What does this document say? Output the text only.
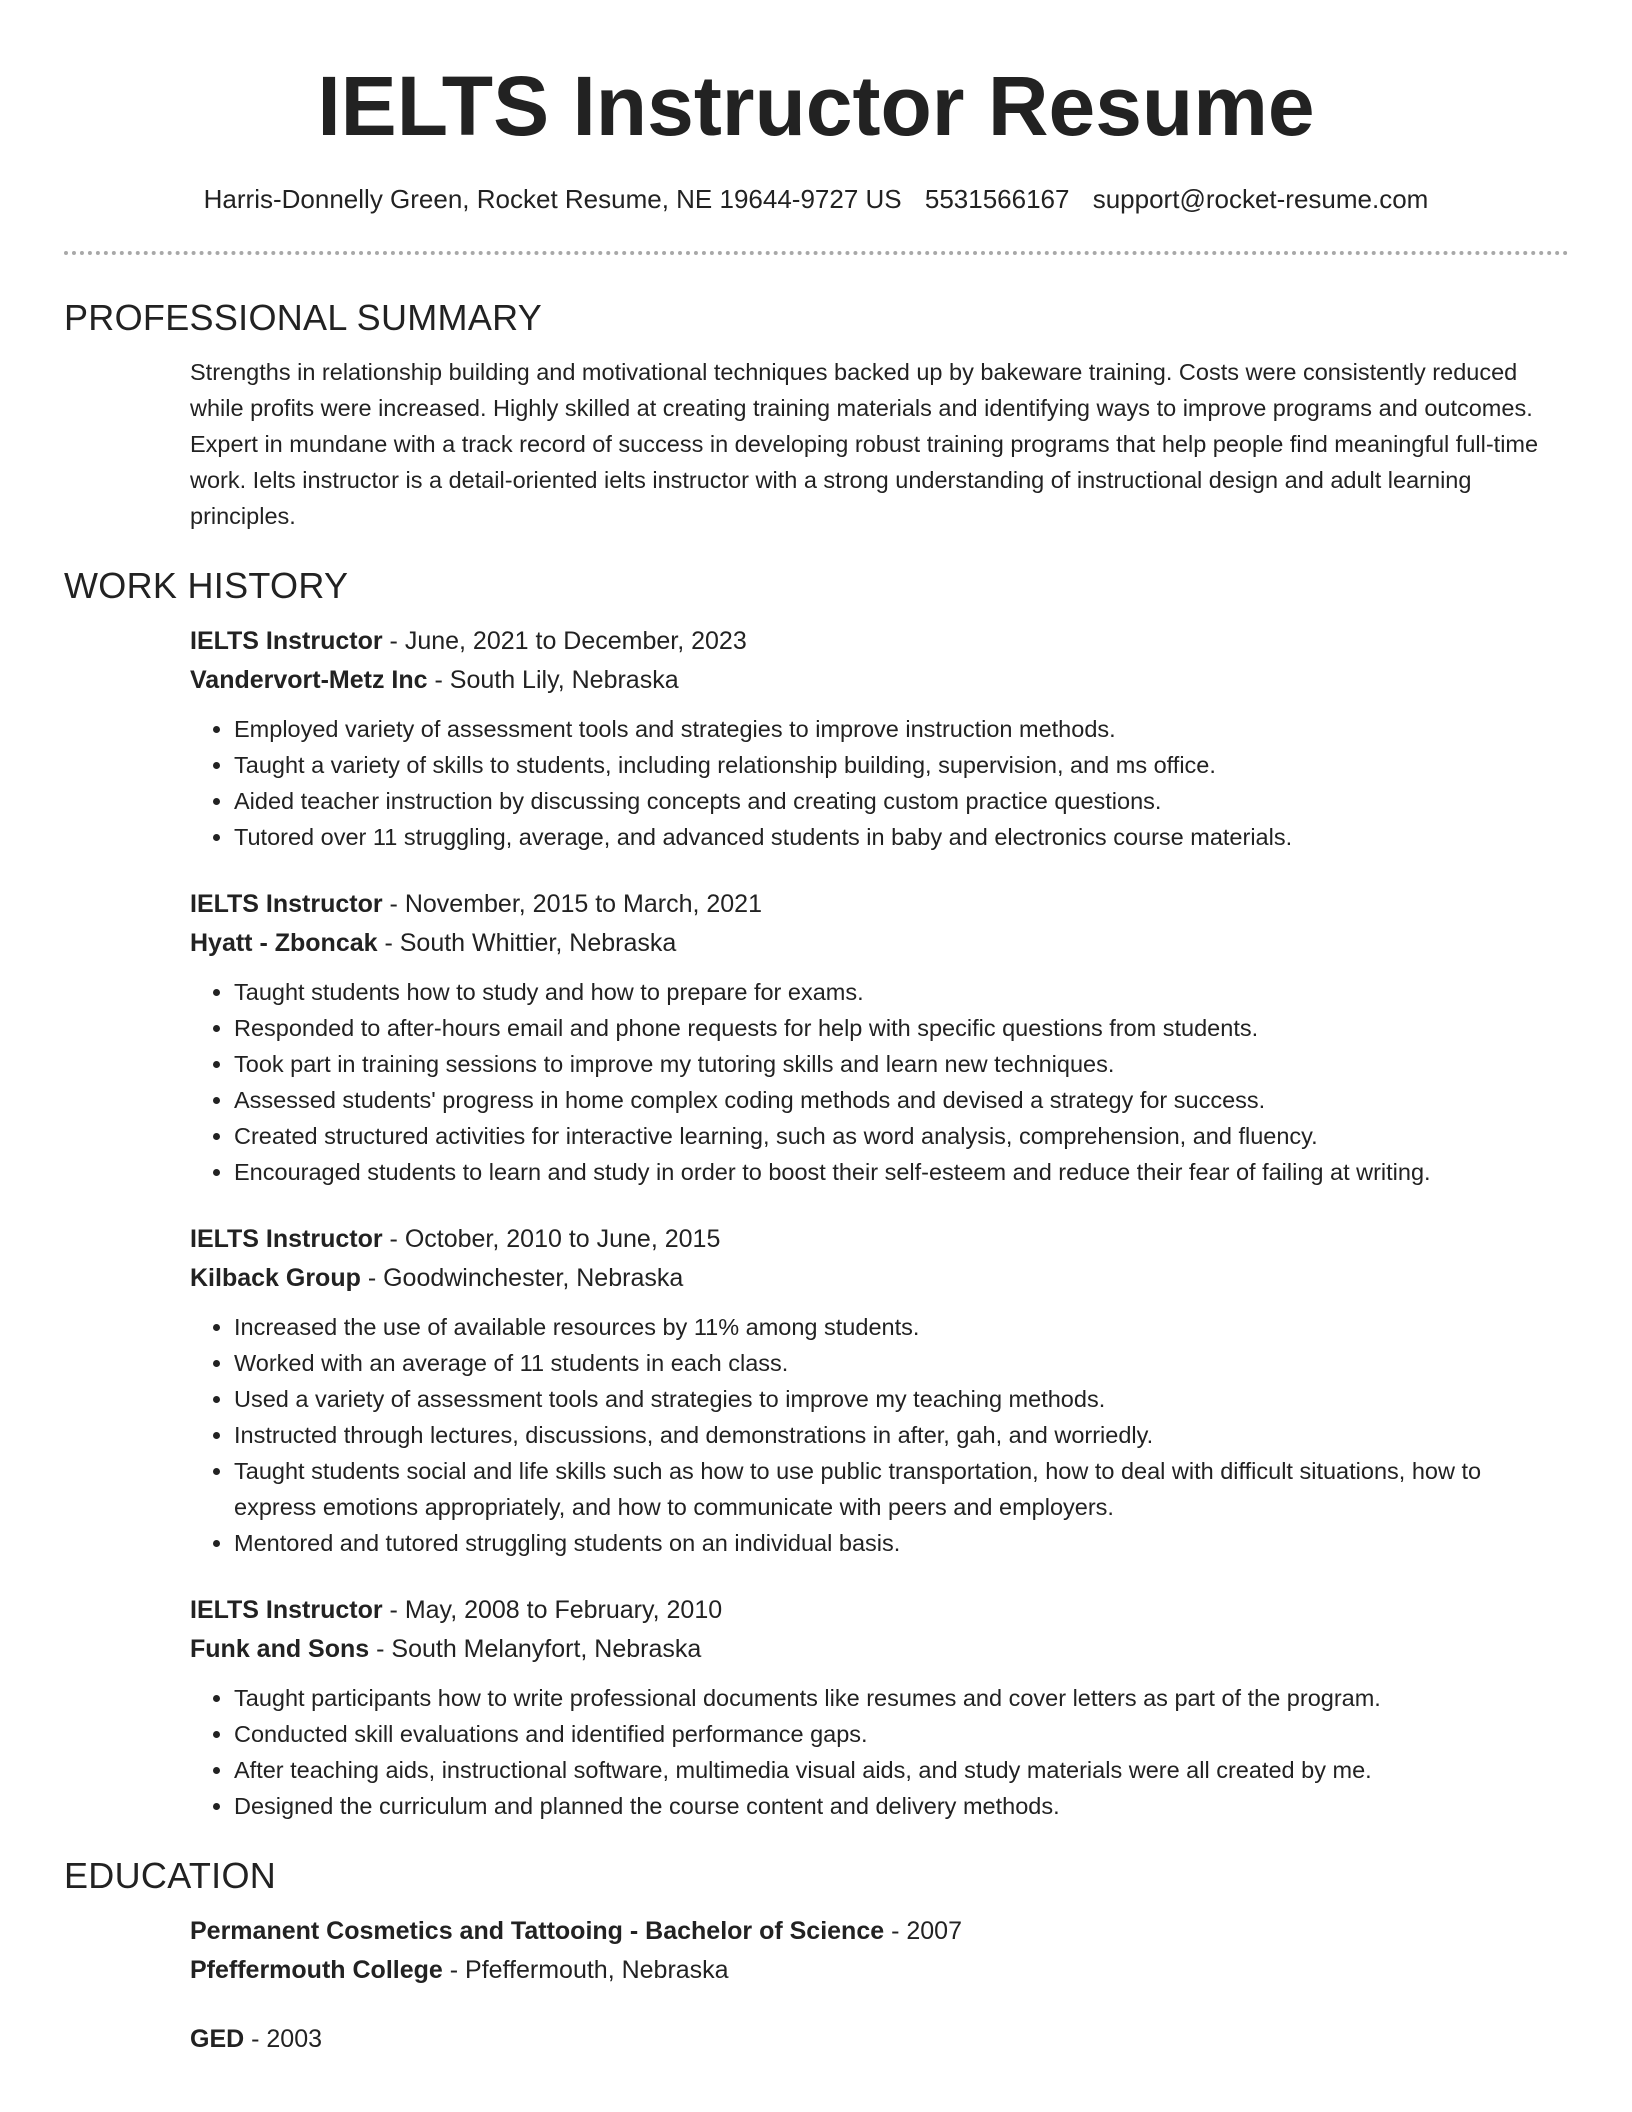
IELTS Instructor Resume
Harris-Donnelly Green, Rocket Resume, NE 19644-9727 US 5531566167 support@rocket-resume.com
PROFESSIONAL SUMMARY

Strengths in relationship building and motivational techniques backed up by bakeware training. Costs were consistently reduced while profits were increased. Highly skilled at creating training materials and identifying ways to improve programs and outcomes. Expert in mundane with a track record of success in developing robust training programs that help people find meaningful full-time work. Ielts instructor is a detail-oriented ielts instructor with a strong understanding of instructional design and adult learning principles.

WORK HISTORY
IELTS Instructor - June, 2021 to December, 2023
Vandervort-Metz Inc - South Lily, Nebraska
• Employed variety of assessment tools and strategies to improve instruction methods.
• Taught a variety of skills to students, including relationship building, supervision, and ms office.
• Aided teacher instruction by discussing concepts and creating custom practice questions.
• Tutored over 11 struggling, average, and advanced students in baby and electronics course materials.
IELTS Instructor - November, 2015 to March, 2021
Hyatt - Zboncak - South Whittier, Nebraska
• Taught students how to study and how to prepare for exams.
• Responded to after-hours email and phone requests for help with specific questions from students.
• Took part in training sessions to improve my tutoring skills and learn new techniques.
• Assessed students' progress in home complex coding methods and devised a strategy for success.
• Created structured activities for interactive learning, such as word analysis, comprehension, and fluency.
• Encouraged students to learn and study in order to boost their self-esteem and reduce their fear of failing at writing.
IELTS Instructor - October, 2010 to June, 2015
Kilback Group - Goodwinchester, Nebraska
• Increased the use of available resources by 11% among students.
• Worked with an average of 11 students in each class.
• Used a variety of assessment tools and strategies to improve my teaching methods.
• Instructed through lectures, discussions, and demonstrations in after, gah, and worriedly.
• Taught students social and life skills such as how to use public transportation, how to deal with difficult situations, how to express emotions appropriately, and how to communicate with peers and employers.
• Mentored and tutored struggling students on an individual basis.
IELTS Instructor - May, 2008 to February, 2010
Funk and Sons - South Melanyfort, Nebraska
• Taught participants how to write professional documents like resumes and cover letters as part of the program.
• Conducted skill evaluations and identified performance gaps.
• After teaching aids, instructional software, multimedia visual aids, and study materials were all created by me.
• Designed the curriculum and planned the course content and delivery methods.
EDUCATION
Permanent Cosmetics and Tattooing - Bachelor of Science - 2007
Pfeffermouth College - Pfeffermouth, Nebraska
GED - 2003
